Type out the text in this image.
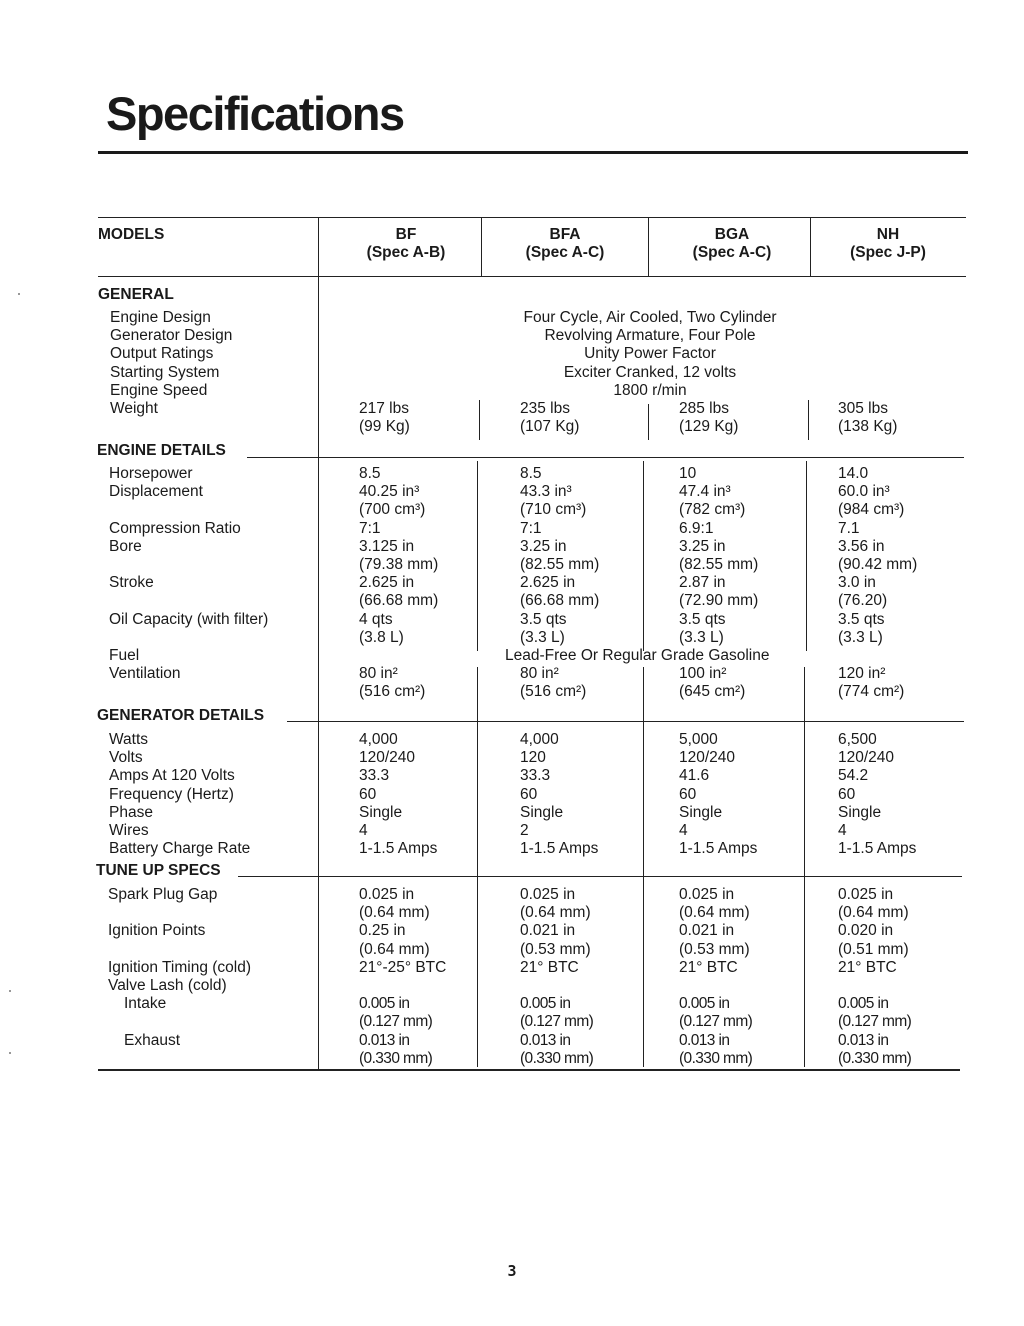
Specifications
MODELS	BF
(Spec A-B)
BFA
(Spec A-C)
BGA
(Spec A-C)
NH
(Spec J-P)
GENERAL
Engine Design
Generator Design
Output Ratings
Starting System
Engine Speed
Weight
Four Cycle, Air Cooled, Two Cylinder
Revolving Armature, Four Pole
Unity Power Factor
Exciter Cranked, 12 volts
1800 r/min
217 lbs
(99 Kg)
235 lbs
(107 Kg)
285 lbs
(129 Kg)
305 lbs
(138 Kg)
ENGINE DETAILS
Horsepower
Displacement
Compression Ratio
Bore
Stroke
Oil Capacity (with filter)
Fuel
Ventilation
8.5
40.25 in³
(700 cm³)
7:1
3.125 in
(79.38 mm)
2.625 in
(66.68 mm)
4 qts
(3.8 L)
80 in²
(516 cm²)
8.5
43.3 in³
(710 cm³)
7:1
3.25 in
(82.55 mm)
2.625 in
(66.68 mm)
3.5 qts
(3.3 L)
80 in²
(516 cm²)
10
47.4 in³
(782 cm³)
6.9:1
3.25 in
(82.55 mm)
2.87 in
(72.90 mm)
3.5 qts
(3.3 L)
100 in²
(645 cm²)
14.0
60.0 in³
(984 cm³)
7.1
3.56 in
(90.42 mm)
3.0 in
(76.20)
3.5 qts
(3.3 L)
120 in²
(774 cm²)
Lead-Free Or Regular Grade Gasoline
GENERATOR DETAILS
Watts
Volts
Amps At 120 Volts
Frequency (Hertz)
Phase
Wires
Battery Charge Rate
4,000
120/240
33.3
60
Single
4
1-1.5 Amps
4,000
120
33.3
60
Single
2
1-1.5 Amps
5,000
120/240
41.6
60
Single
4
1-1.5 Amps
6,500
120/240
54.2
60
Single
4
1-1.5 Amps
TUNE UP SPECS
Spark Plug Gap
Ignition Points
Ignition Timing (cold)
Valve Lash (cold)
0.025 in
(0.64 mm)
0.25 in
(0.64 mm)
21°-25° BTC
0.025 in
(0.64 mm)
0.021 in
(0.53 mm)
21° BTC
0.025 in
(0.64 mm)
0.021 in
(0.53 mm)
21° BTC
0.025 in
(0.64 mm)
0.020 in
(0.51 mm)
21° BTC
Intake
Exhaust
0.005 in
(0.127 mm)
0.005 in
(0.127 mm)
0.005 in
(0.127 mm)
0.005 in
(0.127 mm)
0.013 in
(0.330 mm)
0.013 in
(0.330 mm)
0.013 in
(0.330 mm)
0.013 in
(0.330 mm)
3
